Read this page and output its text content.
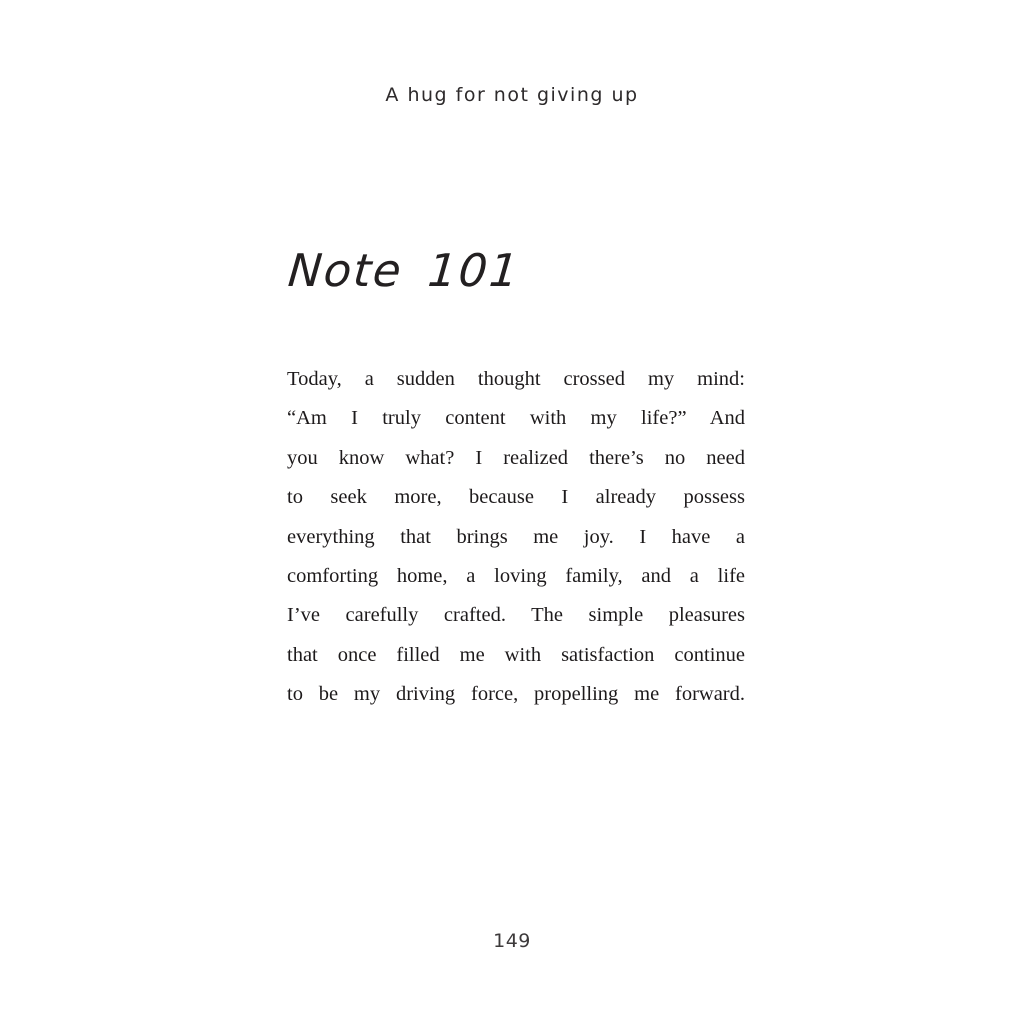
A hug for not giving up
Note 101
Today, a sudden thought crossed my mind:
“Am I truly content with my life?” And
you know what? I realized there’s no need
to seek more, because I already possess
everything that brings me joy. I have a
comforting home, a loving family, and a life
I’ve carefully crafted. The simple pleasures
that once filled me with satisfaction continue
to be my driving force, propelling me forward.
149
